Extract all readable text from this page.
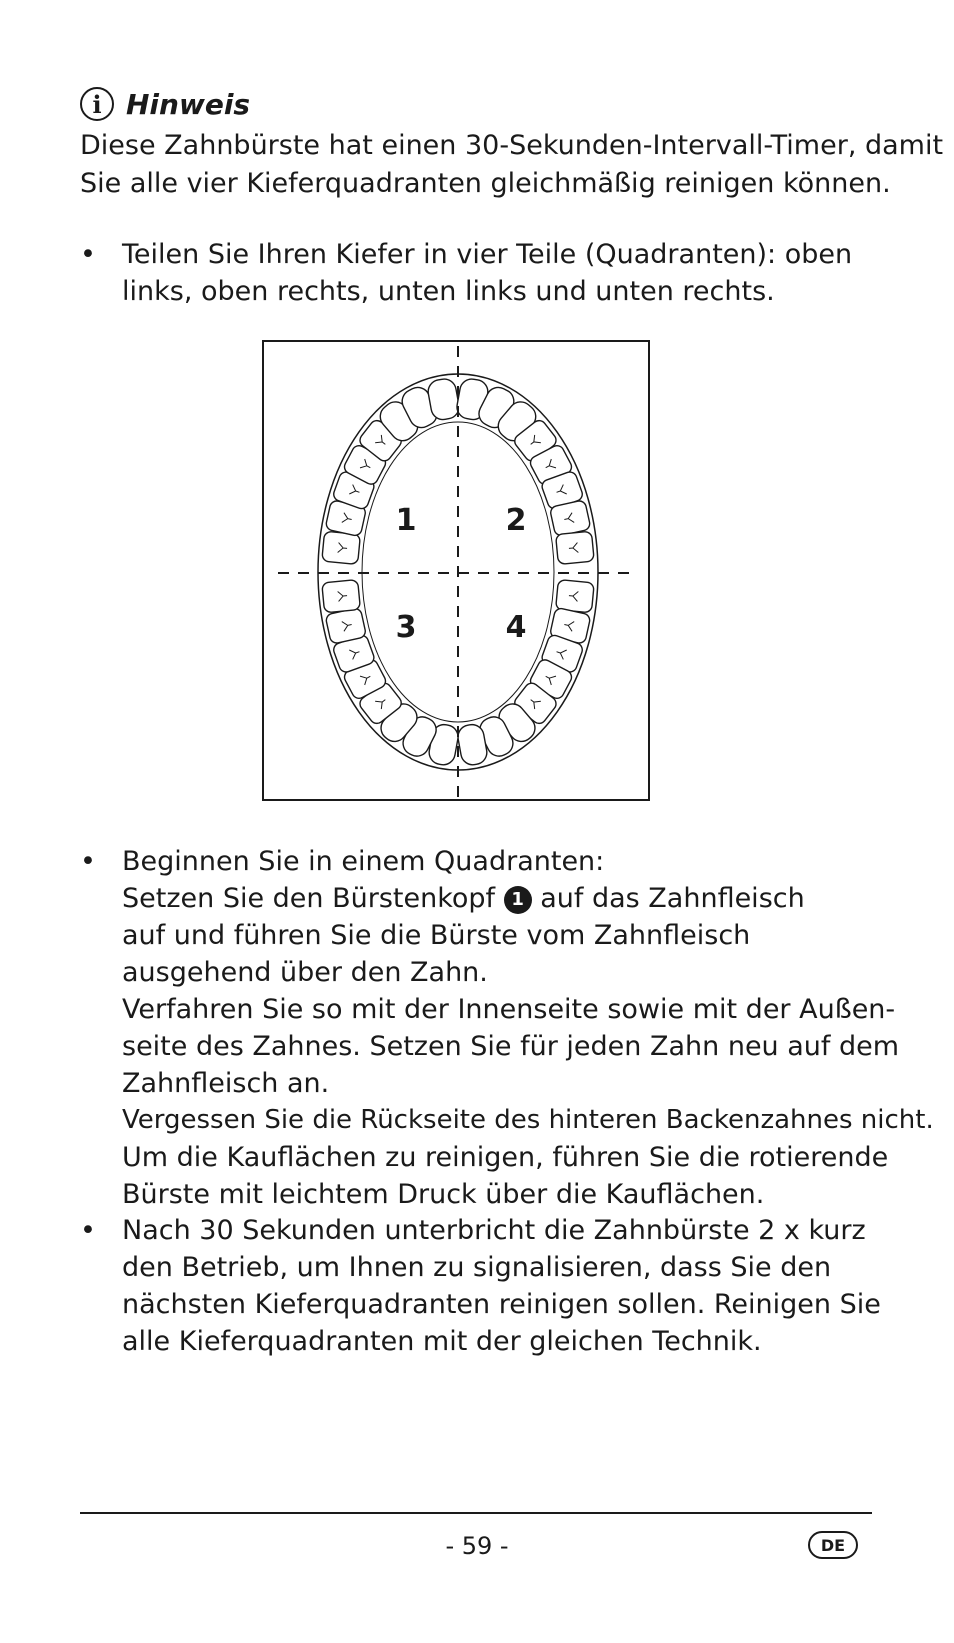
i Hinweis
Diese Zahnbürste hat einen 30-Sekunden-Intervall-Timer, damit
Sie alle vier Kieferquadranten gleichmäßig reinigen können.
• Teilen Sie Ihren Kiefer in vier Teile (Quadranten): oben
links, oben rechts, unten links und unten rechts.
1	2
3	4
• Beginnen Sie in einem Quadranten:
Setzen Sie den Bürstenkopf 1 auf das Zahnfleisch
auf und führen Sie die Bürste vom Zahnfleisch
ausgehend über den Zahn.
Verfahren Sie so mit der Innenseite sowie mit der Außen-
seite des Zahnes. Setzen Sie für jeden Zahn neu auf dem
Zahnfleisch an.
Vergessen Sie die Rückseite des hinteren Backenzahnes nicht.
Um die Kauflächen zu reinigen, führen Sie die rotierende
Bürste mit leichtem Druck über die Kauflächen.
• Nach 30 Sekunden unterbricht die Zahnbürste 2 x kurz
den Betrieb, um Ihnen zu signalisieren, dass Sie den
nächsten Kieferquadranten reinigen sollen. Reinigen Sie
alle Kieferquadranten mit der gleichen Technik.
- 59 -	DE
